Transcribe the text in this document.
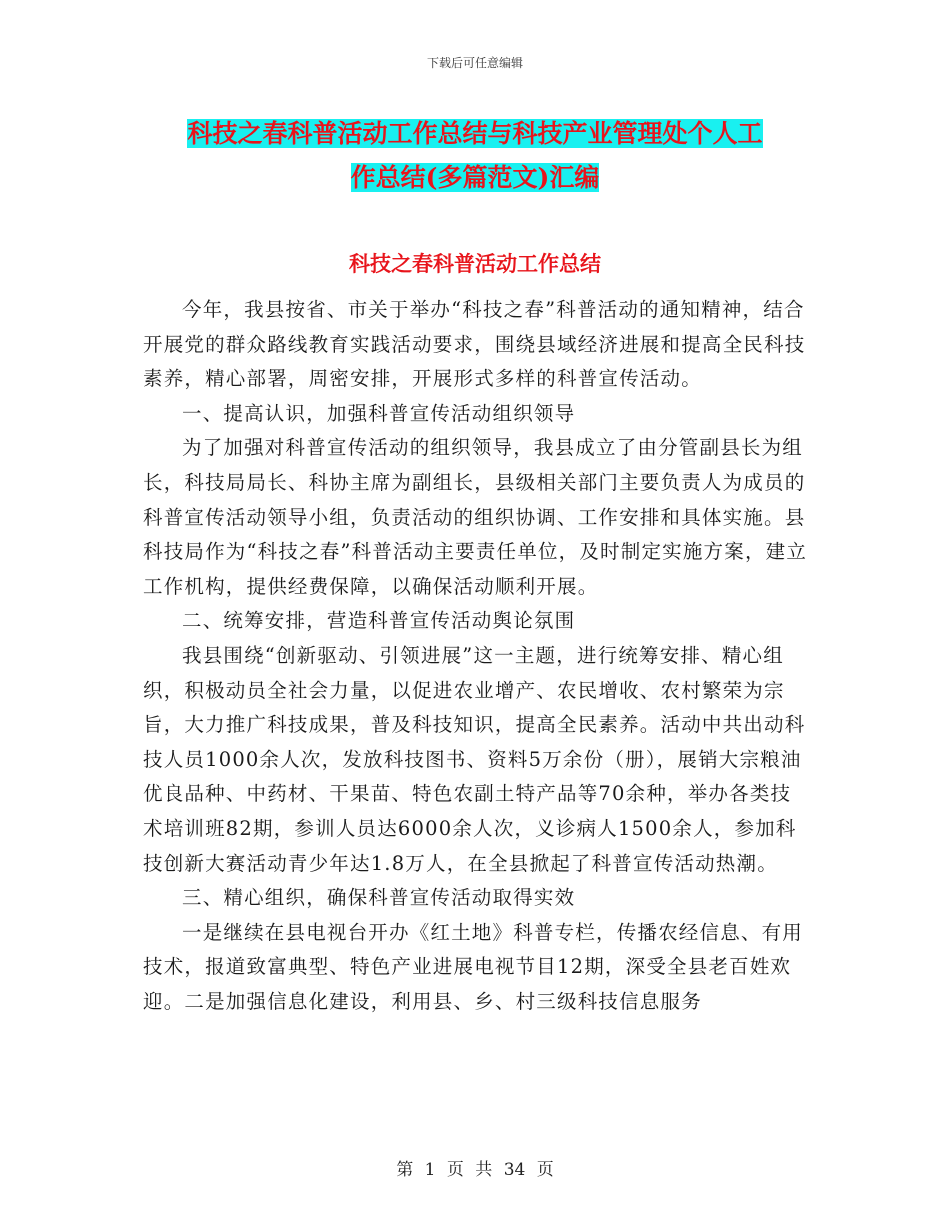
下载后可任意编辑
科技之春科普活动工作总结与科技产业管理处个人工
作总结(多篇范文)汇编
科技之春科普活动工作总结

今年，我县按省、市关于举办“科技之春”科普活动的通知精神，结合开展党的群众路线教育实践活动要求，围绕县域经济进展和提高全民科技素养，精心部署，周密安排，开展形式多样的科普宣传活动。

一、提高认识，加强科普宣传活动组织领导

为了加强对科普宣传活动的组织领导，我县成立了由分管副县长为组长，科技局局长、科协主席为副组长，县级相关部门主要负责人为成员的科普宣传活动领导小组，负责活动的组织协调、工作安排和具体实施。县科技局作为“科技之春”科普活动主要责任单位，及时制定实施方案，建立工作机构，提供经费保障，以确保活动顺利开展。

二、统筹安排，营造科普宣传活动舆论氛围

我县围绕“创新驱动、引领进展”这一主题，进行统筹安排、精心组织，积极动员全社会力量，以促进农业增产、农民增收、农村繁荣为宗旨，大力推广科技成果，普及科技知识，提高全民素养。活动中共出动科技人员1000余人次，发放科技图书、资料5万余份（册），展销大宗粮油优良品种、中药材、干果苗、特色农副土特产品等70余种，举办各类技术培训班82期，参训人员达6000余人次，义诊病人1500余人，参加科技创新大赛活动青少年达1.8万人，在全县掀起了科普宣传活动热潮。

三、精心组织，确保科普宣传活动取得实效

一是继续在县电视台开办《红土地》科普专栏，传播农经信息、有用技术，报道致富典型、特色产业进展电视节目12期，深受全县老百姓欢迎。二是加强信息化建设，利用县、乡、村三级科技信息服务

第 1 页 共 34 页
